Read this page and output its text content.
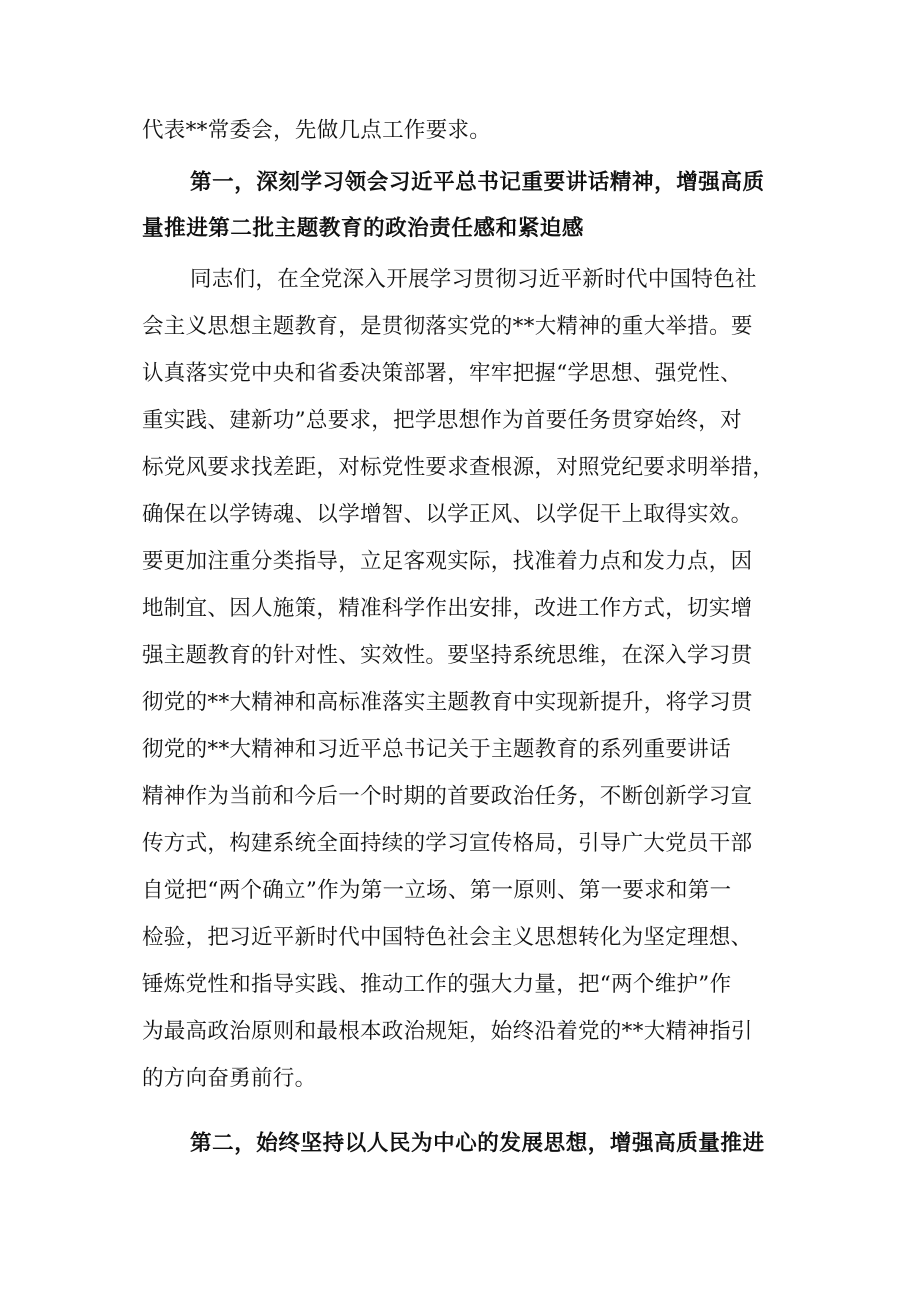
代表**常委会，先做几点工作要求。
第一，深刻学习领会习近平总书记重要讲话精神，增强高质
量推进第二批主题教育的政治责任感和紧迫感
同志们，在全党深入开展学习贯彻习近平新时代中国特色社
会主义思想主题教育，是贯彻落实党的**大精神的重大举措。要
认真落实党中央和省委决策部署，牢牢把握“学思想、强党性、
重实践、建新功”总要求，把学思想作为首要任务贯穿始终，对
标党风要求找差距，对标党性要求查根源，对照党纪要求明举措，
确保在以学铸魂、以学增智、以学正风、以学促干上取得实效。
要更加注重分类指导，立足客观实际，找准着力点和发力点，因
地制宜、因人施策，精准科学作出安排，改进工作方式，切实增
强主题教育的针对性、实效性。要坚持系统思维，在深入学习贯
彻党的**大精神和高标准落实主题教育中实现新提升，将学习贯
彻党的**大精神和习近平总书记关于主题教育的系列重要讲话
精神作为当前和今后一个时期的首要政治任务，不断创新学习宣
传方式，构建系统全面持续的学习宣传格局，引导广大党员干部
自觉把“两个确立”作为第一立场、第一原则、第一要求和第一
检验，把习近平新时代中国特色社会主义思想转化为坚定理想、
锤炼党性和指导实践、推动工作的强大力量，把“两个维护”作
为最高政治原则和最根本政治规矩，始终沿着党的**大精神指引
的方向奋勇前行。
第二，始终坚持以人民为中心的发展思想，增强高质量推进
